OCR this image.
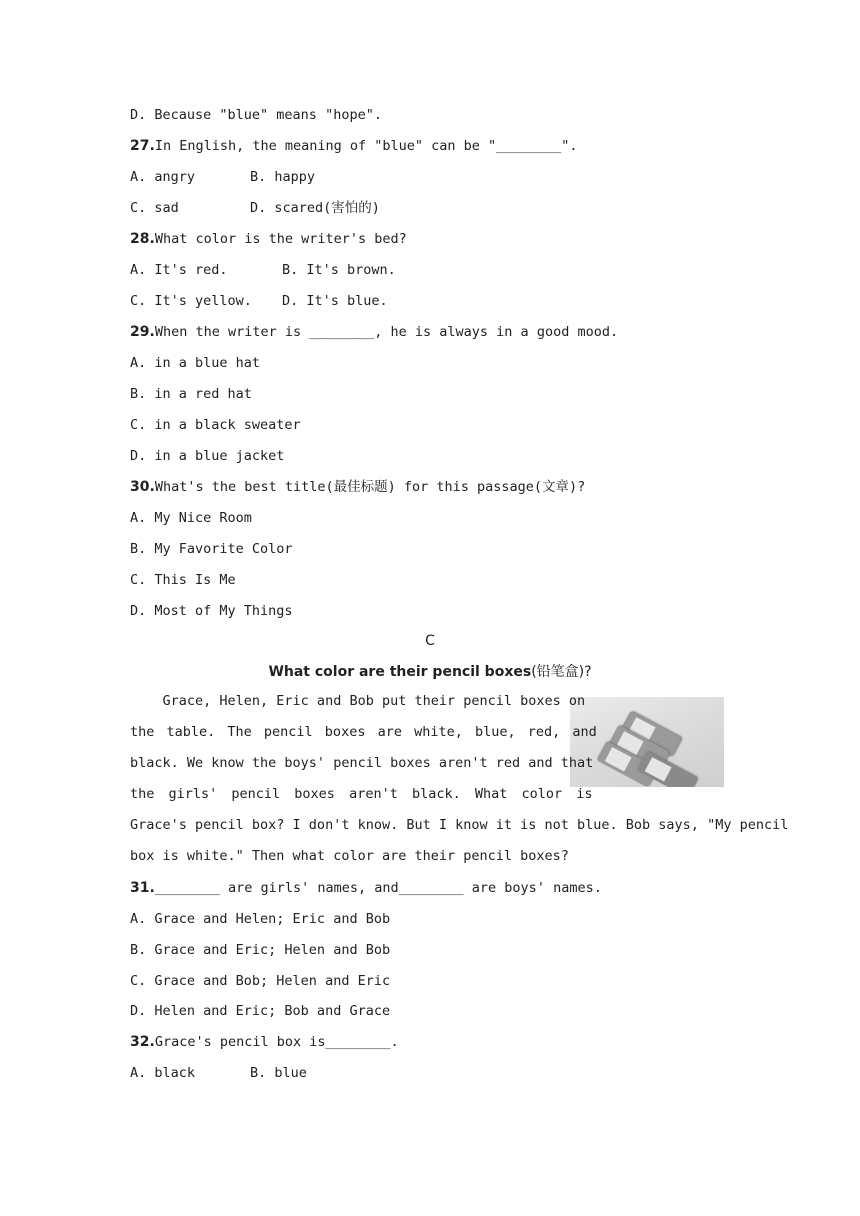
D. Because "blue" means "hope".
27.In English, the meaning of "blue" can be "________".
A. angry	B. happy
C. sad	D. scared(害怕的)
28.What color is the writer's bed?
A. It's red.	B. It's brown.
C. It's yellow. D. It's blue.
29.When the writer is ________, he is always in a good mood.
A. in a blue hat
B. in a red hat
C. in a black sweater
D. in a blue jacket
30.What's the best title(最佳标题) for this passage(文章)?
A. My Nice Room
B. My Favorite Color
C. This Is Me
D. Most of My Things
C
What color are their pencil boxes(铅笔盒)?
Grace, Helen, Eric and Bob put their pencil boxes on
the table. The pencil boxes are white, blue, red, and
black. We know the boys' pencil boxes aren't red and that
the girls' pencil boxes aren't black. What color is
Grace's pencil box? I don't know. But I know it is not blue. Bob says, "My pencil
box is white." Then what color are their pencil boxes?
31.________ are girls' names, and________ are boys' names.
A. Grace and Helen; Eric and Bob
B. Grace and Eric; Helen and Bob
C. Grace and Bob; Helen and Eric
D. Helen and Eric; Bob and Grace
32.Grace's pencil box is________.
A. black	B. blue
